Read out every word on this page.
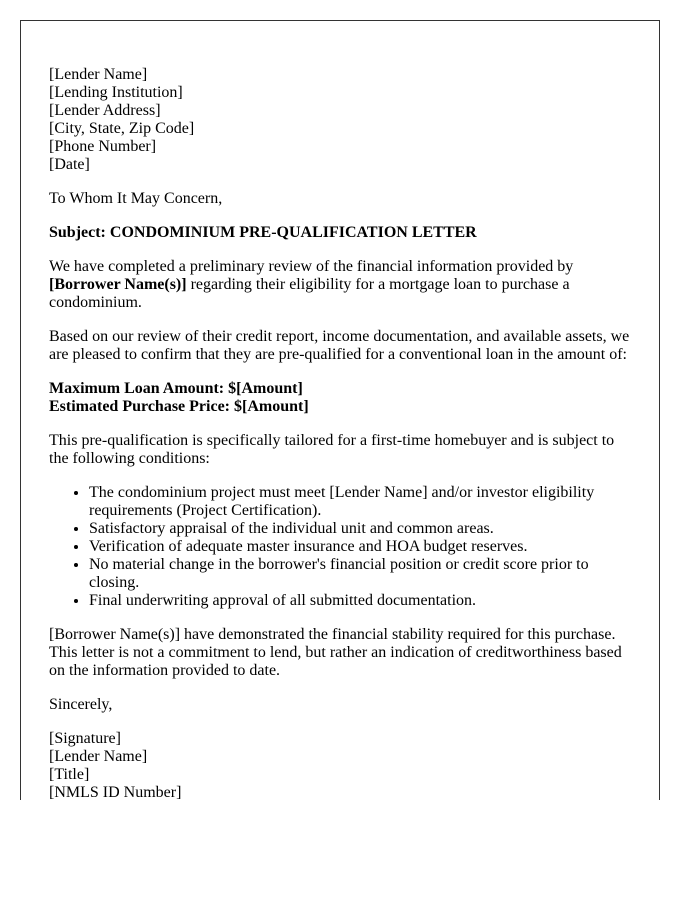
[Lender Name]
[Lending Institution]
[Lender Address]
[City, State, Zip Code]
[Phone Number]
[Date]

To Whom It May Concern,

Subject: CONDOMINIUM PRE-QUALIFICATION LETTER

We have completed a preliminary review of the financial information provided by [Borrower Name(s)] regarding their eligibility for a mortgage loan to purchase a condominium.

Based on our review of their credit report, income documentation, and available assets, we are pleased to confirm that they are pre-qualified for a conventional loan in the amount of:

Maximum Loan Amount: $[Amount]
Estimated Purchase Price: $[Amount]

This pre-qualification is specifically tailored for a first-time homebuyer and is subject to the following conditions:

• The condominium project must meet [Lender Name] and/or investor eligibility requirements (Project Certification).
• Satisfactory appraisal of the individual unit and common areas.
• Verification of adequate master insurance and HOA budget reserves.
• No material change in the borrower's financial position or credit score prior to closing.
• Final underwriting approval of all submitted documentation.

[Borrower Name(s)] have demonstrated the financial stability required for this purchase. This letter is not a commitment to lend, but rather an indication of creditworthiness based on the information provided to date.

Sincerely,

[Signature]
[Lender Name]
[Title]
[NMLS ID Number]
